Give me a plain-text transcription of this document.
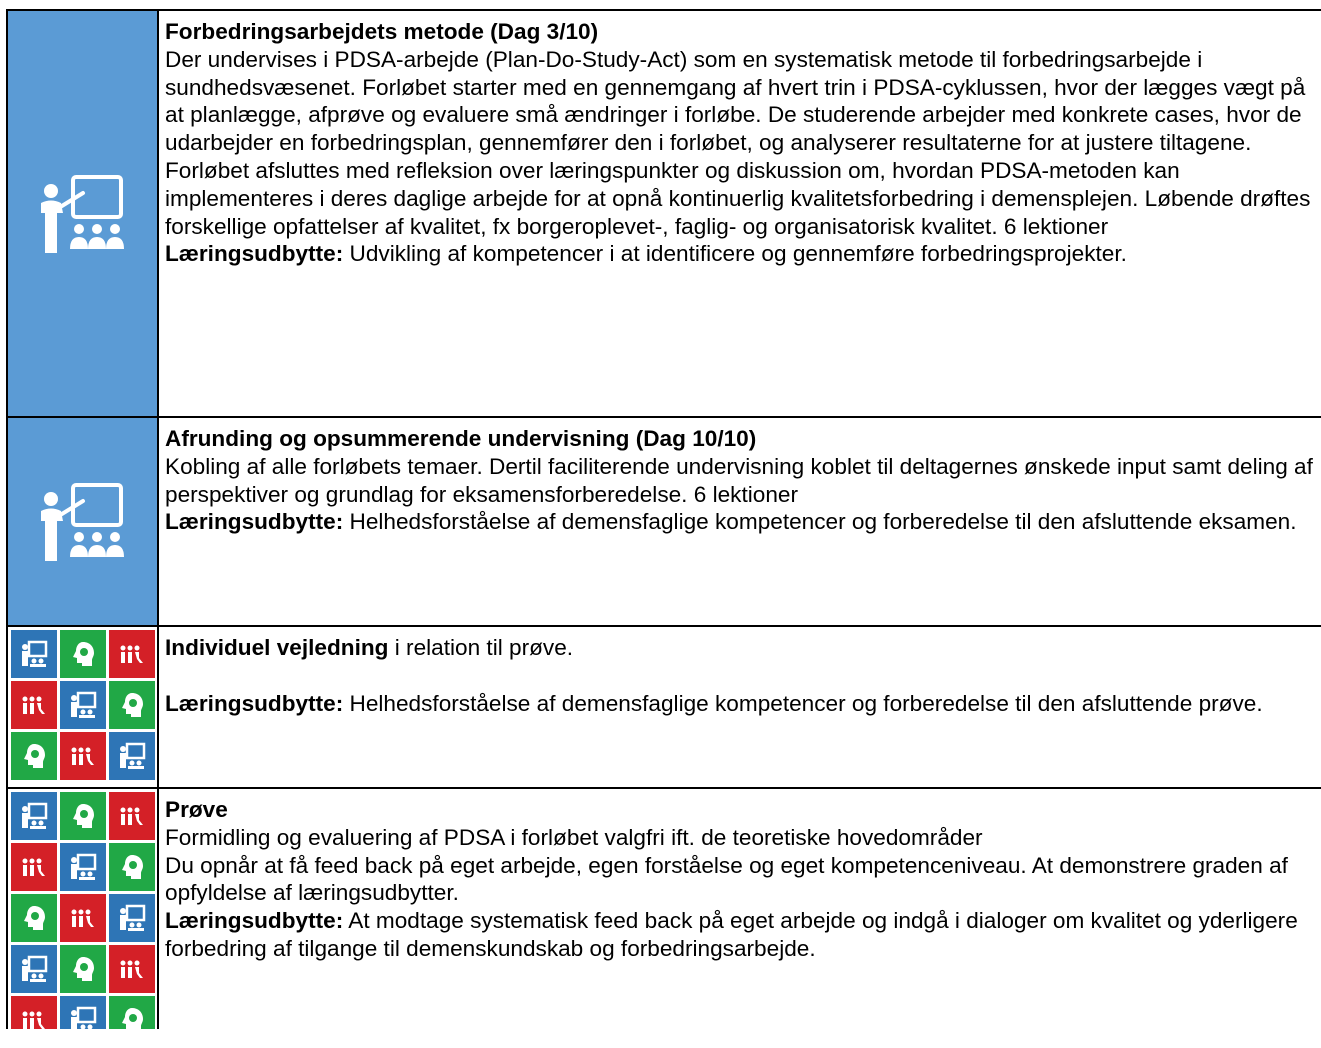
Forbedringsarbejdets metode (Dag 3/10)

Der undervises i PDSA-arbejde (Plan-Do-Study-Act) som en systematisk metode til forbedringsarbejde i sundhedsvæsenet. Forløbet starter med en gennemgang af hvert trin i PDSA-cyklussen, hvor der lægges vægt på at planlægge, afprøve og evaluere små ændringer i forløbe. De studerende arbejder med konkrete cases, hvor de udarbejder en forbedringsplan, gennemfører den i forløbet, og analyserer resultaterne for at justere tiltagene. Forløbet afsluttes med refleksion over læringspunkter og diskussion om, hvordan PDSA-metoden kan implementeres i deres daglige arbejde for at opnå kontinuerlig kvalitetsforbedring i demensplejen. Løbende drøftes forskellige opfattelser af kvalitet, fx borgeroplevet-, faglig- og organisatorisk kvalitet. 6 lektioner

Læringsudbytte: Udvikling af kompetencer i at identificere og gennemføre forbedringsprojekter.

Afrunding og opsummerende undervisning (Dag 10/10)

Kobling af alle forløbets temaer. Dertil faciliterende undervisning koblet til deltagernes ønskede input samt deling af perspektiver og grundlag for eksamensforberedelse. 6 lektioner

Læringsudbytte: Helhedsforståelse af demensfaglige kompetencer og forberedelse til den afsluttende eksamen.

Individuel vejledning i relation til prøve.

Læringsudbytte: Helhedsforståelse af demensfaglige kompetencer og forberedelse til den afsluttende prøve.

Prøve

Formidling og evaluering af PDSA i forløbet valgfri ift. de teoretiske hovedområder

Du opnår at få feed back på eget arbejde, egen forståelse og eget kompetenceniveau. At demonstrere graden af opfyldelse af læringsudbytter.

Læringsudbytte: At modtage systematisk feed back på eget arbejde og indgå i dialoger om kvalitet og yderligere forbedring af tilgange til demenskundskab og forbedringsarbejde.
